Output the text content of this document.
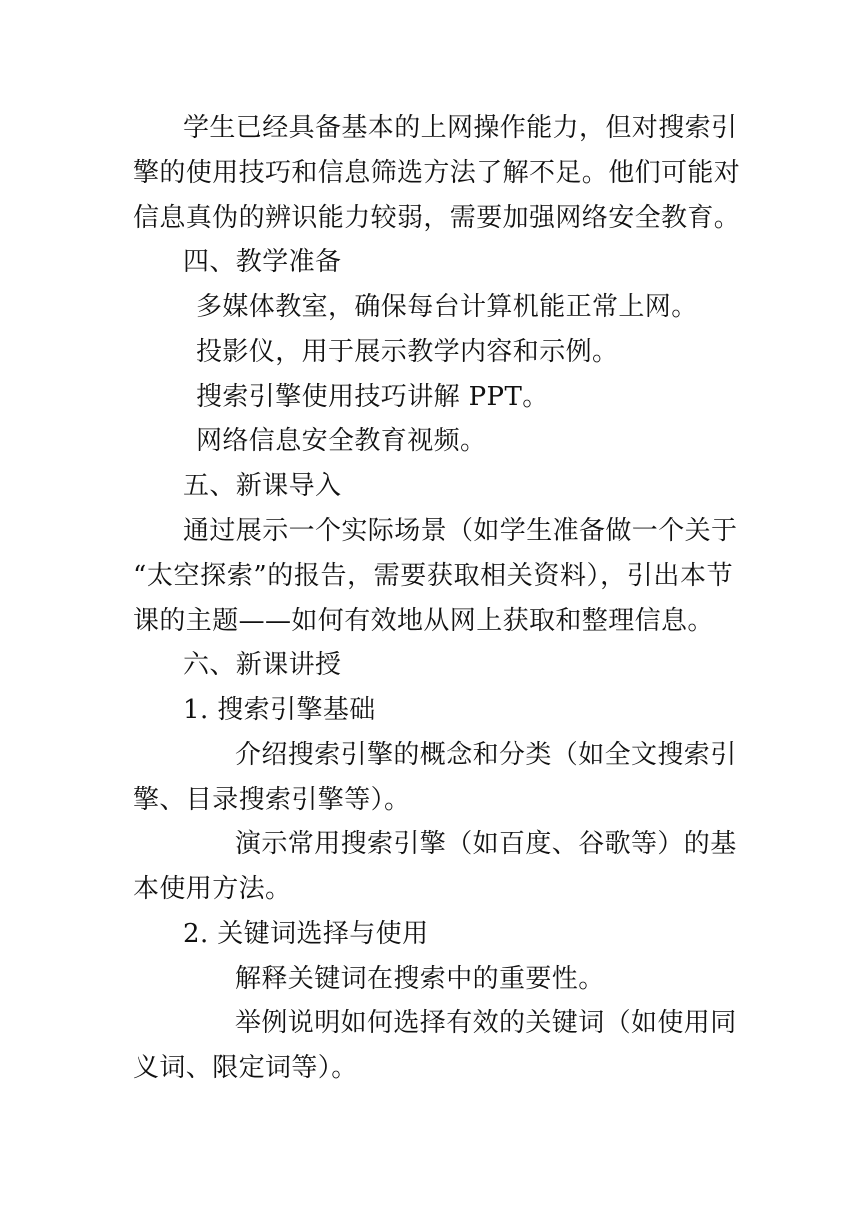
学生已经具备基本的上网操作能力，但对搜索引
擎的使用技巧和信息筛选方法了解不足。他们可能对
信息真伪的辨识能力较弱，需要加强网络安全教育。
四、教学准备
多媒体教室，确保每台计算机能正常上网。
投影仪，用于展示教学内容和示例。
搜索引擎使用技巧讲解 PPT。
网络信息安全教育视频。
五、新课导入
通过展示一个实际场景（如学生准备做一个关于
“太空探索”的报告，需要获取相关资料），引出本节
课的主题——如何有效地从网上获取和整理信息。
六、新课讲授
1. 搜索引擎基础
介绍搜索引擎的概念和分类（如全文搜索引
擎、目录搜索引擎等）。
演示常用搜索引擎（如百度、谷歌等）的基
本使用方法。
2. 关键词选择与使用
解释关键词在搜索中的重要性。
举例说明如何选择有效的关键词（如使用同
义词、限定词等）。
